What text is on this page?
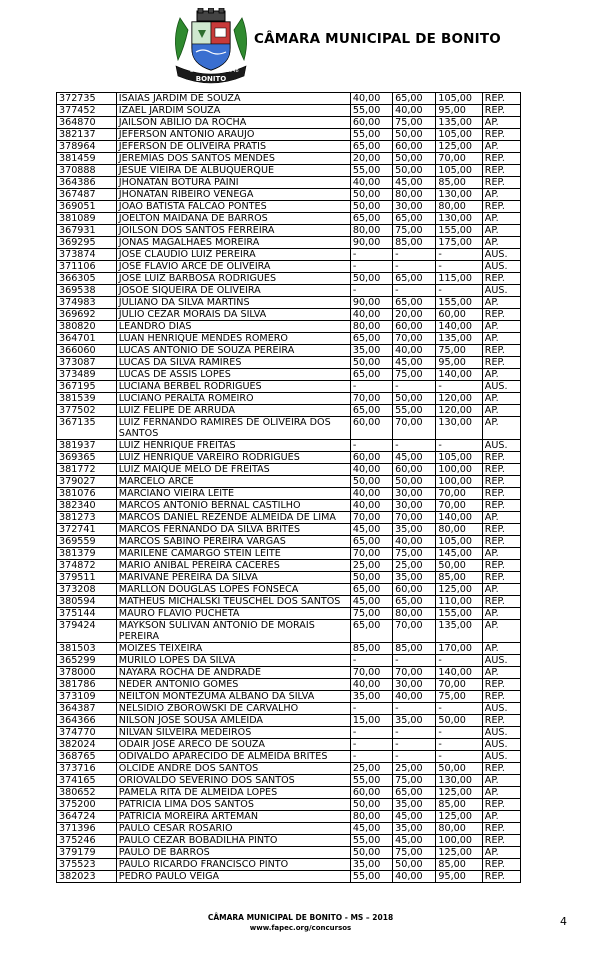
2 10	1948
BONITO
CÂMARA MUNICIPAL DE BONITO
372735	ISAIAS JARDIM DE SOUZA	40,00	65,00	105,00	REP.
377452	IZAEL JARDIM SOUZA	55,00	40,00	95,00	REP.
364870	JAILSON ABÍLIO DA ROCHA	60,00	75,00	135,00	AP.
382137	JEFERSON ANTONIO ARAUJO	55,00	50,00	105,00	REP.
378964	JEFERSON DE OLIVEIRA PRATIS	65,00	60,00	125,00	AP.
381459	JEREMIAS DOS SANTOS MENDES	20,00	50,00	70,00	REP.
370888	JESUE VIEIRA DE ALBUQUERQUE	55,00	50,00	105,00	REP.
364386	JHONATAN BOTURA PAINI	40,00	45,00	85,00	REP.
367487	JHONATAN RIBEIRO VENEGA	50,00	80,00	130,00	AP.
369051	JOAO BATISTA FALCAO PONTES	50,00	30,00	80,00	REP.
381089	JOELTON MAIDANA DE BARROS	65,00	65,00	130,00	AP.
367931	JOILSON DOS SANTOS FERREIRA	80,00	75,00	155,00	AP.
369295	JONAS MAGALHÃES MOREIRA	90,00	85,00	175,00	AP.
373874	JOSE CLAUDIO LUIZ PEREIRA	-	-	-	AUS.
371106	JOSÉ FLAVIO ARCE DE OLIVEIRA	-	-	-	AUS.
366305	JOSÉ LUIZ BARBOSA RODRIGUÊS	50,00	65,00	115,00	REP.
369538	JOSOE SIQUEIRA DE OLIVEIRA	-	-	-	AUS.
374983	JULIANO DA SILVA MARTINS	90,00	65,00	155,00	AP.
369692	JULIO CEZAR MORAIS DA SILVA	40,00	20,00	60,00	REP.
380820	LEANDRO DIAS	80,00	60,00	140,00	AP.
364701	LUAN HENRIQUE MENDES ROMERO	65,00	70,00	135,00	AP.
366060	LUCAS ANTONIO DE SOUZA PEREIRA	35,00	40,00	75,00	REP.
373087	LUCAS DA SILVA RAMIRES	50,00	45,00	95,00	REP.
373489	LUCAS DE ASSIS LOPES	65,00	75,00	140,00	AP.
367195	LUCIANA BERBEL RODRIGUES	-	-	-	AUS.
381539	LUCIANO PERALTA ROMEIRO	70,00	50,00	120,00	AP.
377502	LUIZ FELIPE DE ARRUDA	65,00	55,00	120,00	AP.
367135	LUIZ FERNANDO RAMIRES DE OLIVEIRA DOS SANTOS	60,00	70,00	130,00	AP.
381937	LUIZ HENRIQUE FREITAS	-	-	-	AUS.
369365	LUIZ HENRIQUE VAREIRO RODRIGUES	60,00	45,00	105,00	REP.
381772	LUIZ MAIQUE MELO DE FREITAS	40,00	60,00	100,00	REP.
379027	MARCELO ARCE	50,00	50,00	100,00	REP.
381076	MARCIANO VIEIRA LEITE	40,00	30,00	70,00	REP.
382340	MARCOS ANTONIO BERNAL CASTILHO	40,00	30,00	70,00	REP.
381273	MARCOS DANIEL REZENDE ALMEIDA DE LIMA	70,00	70,00	140,00	AP.
372741	MARCOS FERNANDO DA SILVA BRITES	45,00	35,00	80,00	REP.
369559	MARCOS SABINO PEREIRA VARGAS	65,00	40,00	105,00	REP.
381379	MARILENE CAMARGO STEIN LEITE	70,00	75,00	145,00	AP.
374872	MARIO ANIBAL PEREIRA CACERES	25,00	25,00	50,00	REP.
379511	MARIVANE PEREIRA DA SILVA	50,00	35,00	85,00	REP.
373208	MARLLON DOUGLAS LOPES FONSECA	65,00	60,00	125,00	AP.
380594	MATHEUS MICHALSKI TEUSCHEL DOS SANTOS	45,00	65,00	110,00	REP.
375144	MAURO FLAVIO PUCHETA	75,00	80,00	155,00	AP.
379424	MAYKSON SULIVAN ANTONIO DE MORAIS PEREIRA	65,00	70,00	135,00	AP.
381503	MOIZES TEIXEIRA	85,00	85,00	170,00	AP.
365299	MURILO LOPES DA SILVA	-	-	-	AUS.
378000	NAYARA ROCHA DE ANDRADE	70,00	70,00	140,00	AP.
381786	NEDER ANTONIO GOMES	40,00	30,00	70,00	REP.
373109	NEILTON MONTEZUMA ALBANO DA SILVA	35,00	40,00	75,00	REP.
364387	NELSIDIO ZBOROWSKI DE CARVALHO	-	-	-	AUS.
364366	NILSON JOSE SOUSA AMLEIDA	15,00	35,00	50,00	REP.
374770	NILVAN SILVEIRA MEDEIROS	-	-	-	AUS.
382024	ODAIR JOSÉ ARECO DE SOUZA	-	-	-	AUS.
368765	ODIVALDO APARECIDO DE ALMEIDA BRITES	-	-	-	AUS.
373716	OLCIDE ANDRE DOS SANTOS	25,00	25,00	50,00	REP.
374165	ORIOVALDO SEVERINO DOS SANTOS	55,00	75,00	130,00	AP.
380652	PAMELA RITA DE ALMEIDA LOPES	60,00	65,00	125,00	AP.
375200	PATRICIA LIMA DOS SANTOS	50,00	35,00	85,00	REP.
364724	PATRÍCIA MOREIRA ARTEMAN	80,00	45,00	125,00	AP.
371396	PAULO CESAR ROSARIO	45,00	35,00	80,00	REP.
375246	PAULO CEZAR BOBADILHA PINTO	55,00	45,00	100,00	REP.
379179	PAULO DE BARROS	50,00	75,00	125,00	AP.
375523	PAULO RICARDO FRANCISCO PINTO	35,00	50,00	85,00	REP.
382023	PEDRO PAULO VEIGA	55,00	40,00	95,00	REP.
CÂMARA MUNICIPAL DE BONITO - MS – 2018
www.fapec.org/concursos	4
